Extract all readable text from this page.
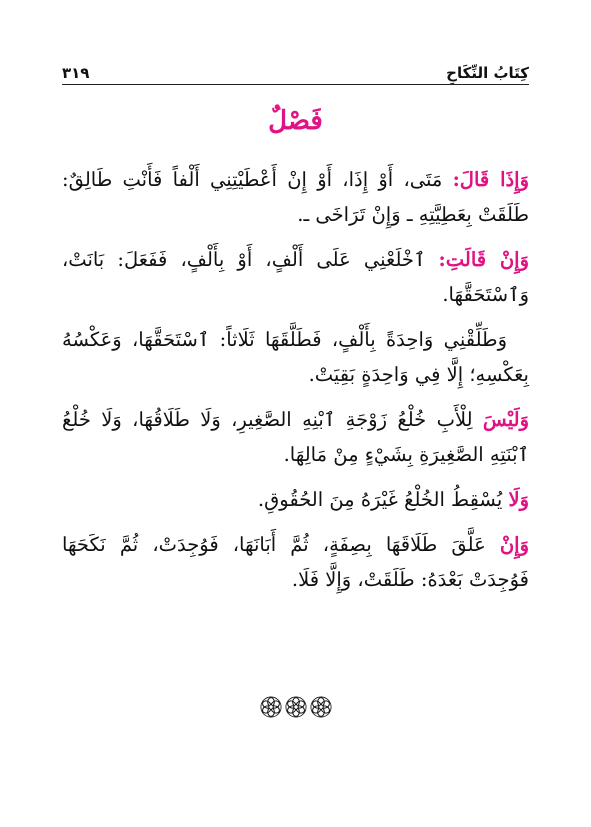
كِتَابُ النِّكَاحِ
٣١٩
فَصْلٌ

وَإِذَا قَالَ: مَتَى، أَوْ إِذَا، أَوْ إِنْ أَعْطَيْتِنِي أَلْفاً فَأَنْتِ طَالِقٌ: طَلَقَتْ بِعَطِيَّتِهِ ـ وَإِنْ تَرَاخَى ـ.

وَإِنْ قَالَتِ: ٱخْلَعْنِي عَلَى أَلْفٍ، أَوْ بِأَلْفٍ، فَفَعَلَ: بَانَتْ، وَٱسْتَحَقَّهَا.

وَطَلِّقْنِي وَاحِدَةً بِأَلْفٍ، فَطَلَّقَهَا ثَلَاثاً: ٱسْتَحَقَّهَا، وَعَكْسُهُ بِعَكْسِهِ؛ إِلَّا فِي وَاحِدَةٍ بَقِيَتْ.

وَلَيْسَ لِلْأَبِ خُلْعُ زَوْجَةِ ٱبْنِهِ الصَّغِيرِ، وَلَا طَلَاقُهَا، وَلَا خُلْعُ ٱبْنَتِهِ الصَّغِيرَةِ بِشَيْءٍ مِنْ مَالِهَا.

وَلَا يُسْقِطُ الخُلْعُ غَيْرَهُ مِنَ الحُقُوقِ.

وَإِنْ عَلَّقَ طَلَاقَهَا بِصِفَةٍ، ثُمَّ أَبَانَهَا، فَوُجِدَتْ، ثُمَّ نَكَحَهَا فَوُجِدَتْ بَعْدَهُ: طَلَقَتْ، وَإِلَّا فَلَا.
